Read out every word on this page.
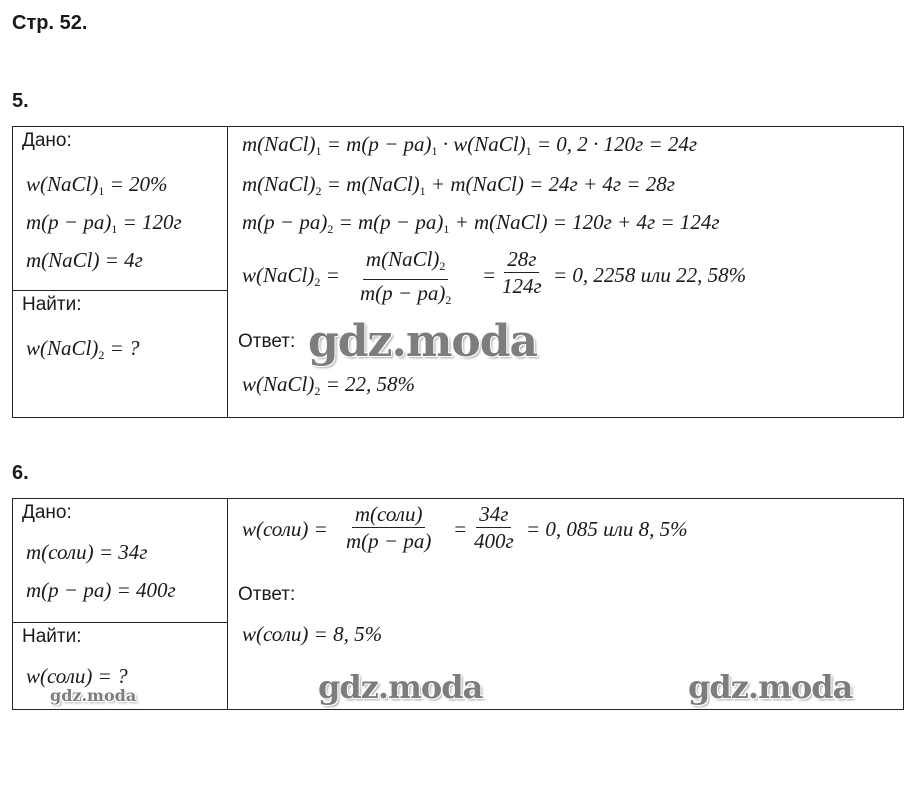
Стр. 52.
5.
Дано:
$w(NaCl)_1 = 20\%$
$m(p - pa)_1 = 120г$
m(NaCl) = 4г
Найти:
$w(NaCl)_2$ = ?
$m(NaCl)_1 = m(p - pa)_1$ · $w(NaCl)_1 = 0$, 2 · 120г = 24г
$m(NaCl)_2$ = $m(NaCl)_1$ + m(NaCl) = 24г + 4г = 28г
$m(p - pa)_2 = m(p - pa)_1$ + m(NaCl) = 120г + 4г = 124г
$w(NaCl)_2$ =
$m(NaCl)_2$
$m(p - pa)_2$
=
28г
124г = 0, 2258 или 22, 58%
Ответ:
$w(NaCl)_2 = 22$, 58%
gdz.moda
6.
Дано:
m(соли) = 34г
m(p − pa) = 400г
Найти:
w(соли) = ?
w(соли) =
m(соли)
m(p − pa) =
34г
400г = 0, 085 или 8, 5%
Ответ:
w(соли) = 8, 5%
gdz.moda	gdz.moda	gdz.moda
